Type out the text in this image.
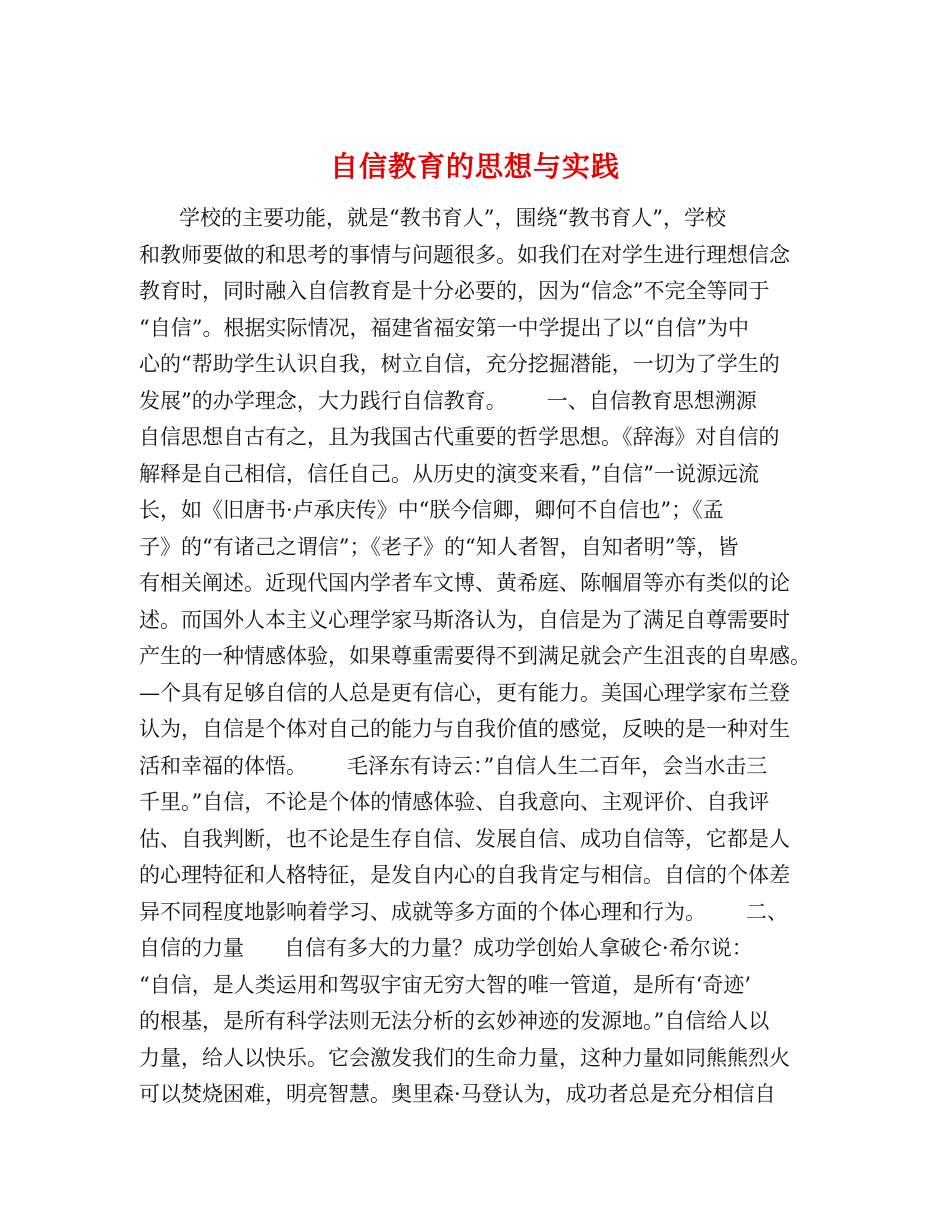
自信教育的思想与实践
学校的主要功能，就是“教书育人”，围绕“教书育人”，学校
和教师要做的和思考的事情与问题很多。如我们在对学生进行理想信念
教育时，同时融入自信教育是十分必要的，因为“信念”不完全等同于
“自信”。根据实际情况，福建省福安第一中学提出了以“自信”为中
心的“帮助学生认识自我，树立自信，充分挖掘潜能，一切为了学生的
发展”的办学理念，大力践行自信教育。      一、自信教育思想溯源
自信思想自古有之，且为我国古代重要的哲学思想。《辞海》对自信的
解释是自己相信，信任自己。从历史的演变来看，”自信”一说源远流
长，如《旧唐书·卢承庆传》中“朕今信卿，卿何不自信也”；《孟
子》的“有诸己之谓信”；《老子》的“知人者智，自知者明”等，皆
有相关阐述。近现代国内学者车文博、黄希庭、陈帼眉等亦有类似的论
述。而国外人本主义心理学家马斯洛认为，自信是为了满足自尊需要时
产生的一种情感体验，如果尊重需要得不到满足就会产生沮丧的自卑感。
—个具有足够自信的人总是更有信心，更有能力。美国心理学家布兰登
认为，自信是个体对自己的能力与自我价值的感觉，反映的是一种对生
活和幸福的体悟。      毛泽东有诗云：”自信人生二百年，会当水击三
千里。”自信，不论是个体的情感体验、自我意向、主观评价、自我评
估、自我判断，也不论是生存自信、发展自信、成功自信等，它都是人
的心理特征和人格特征，是发自内心的自我肯定与相信。自信的个体差
异不同程度地影响着学习、成就等多方面的个体心理和行为。      二、
自信的力量      自信有多大的力量？成功学创始人拿破仑·希尔说：
“自信，是人类运用和驾驭宇宙无穷大智的唯一管道，是所有‘奇迹’
的根基，是所有科学法则无法分析的玄妙神迹的发源地。”自信给人以
力量，给人以快乐。它会激发我们的生命力量，这种力量如同熊熊烈火
可以焚烧困难，明亮智慧。奥里森·马登认为，成功者总是充分相信自
